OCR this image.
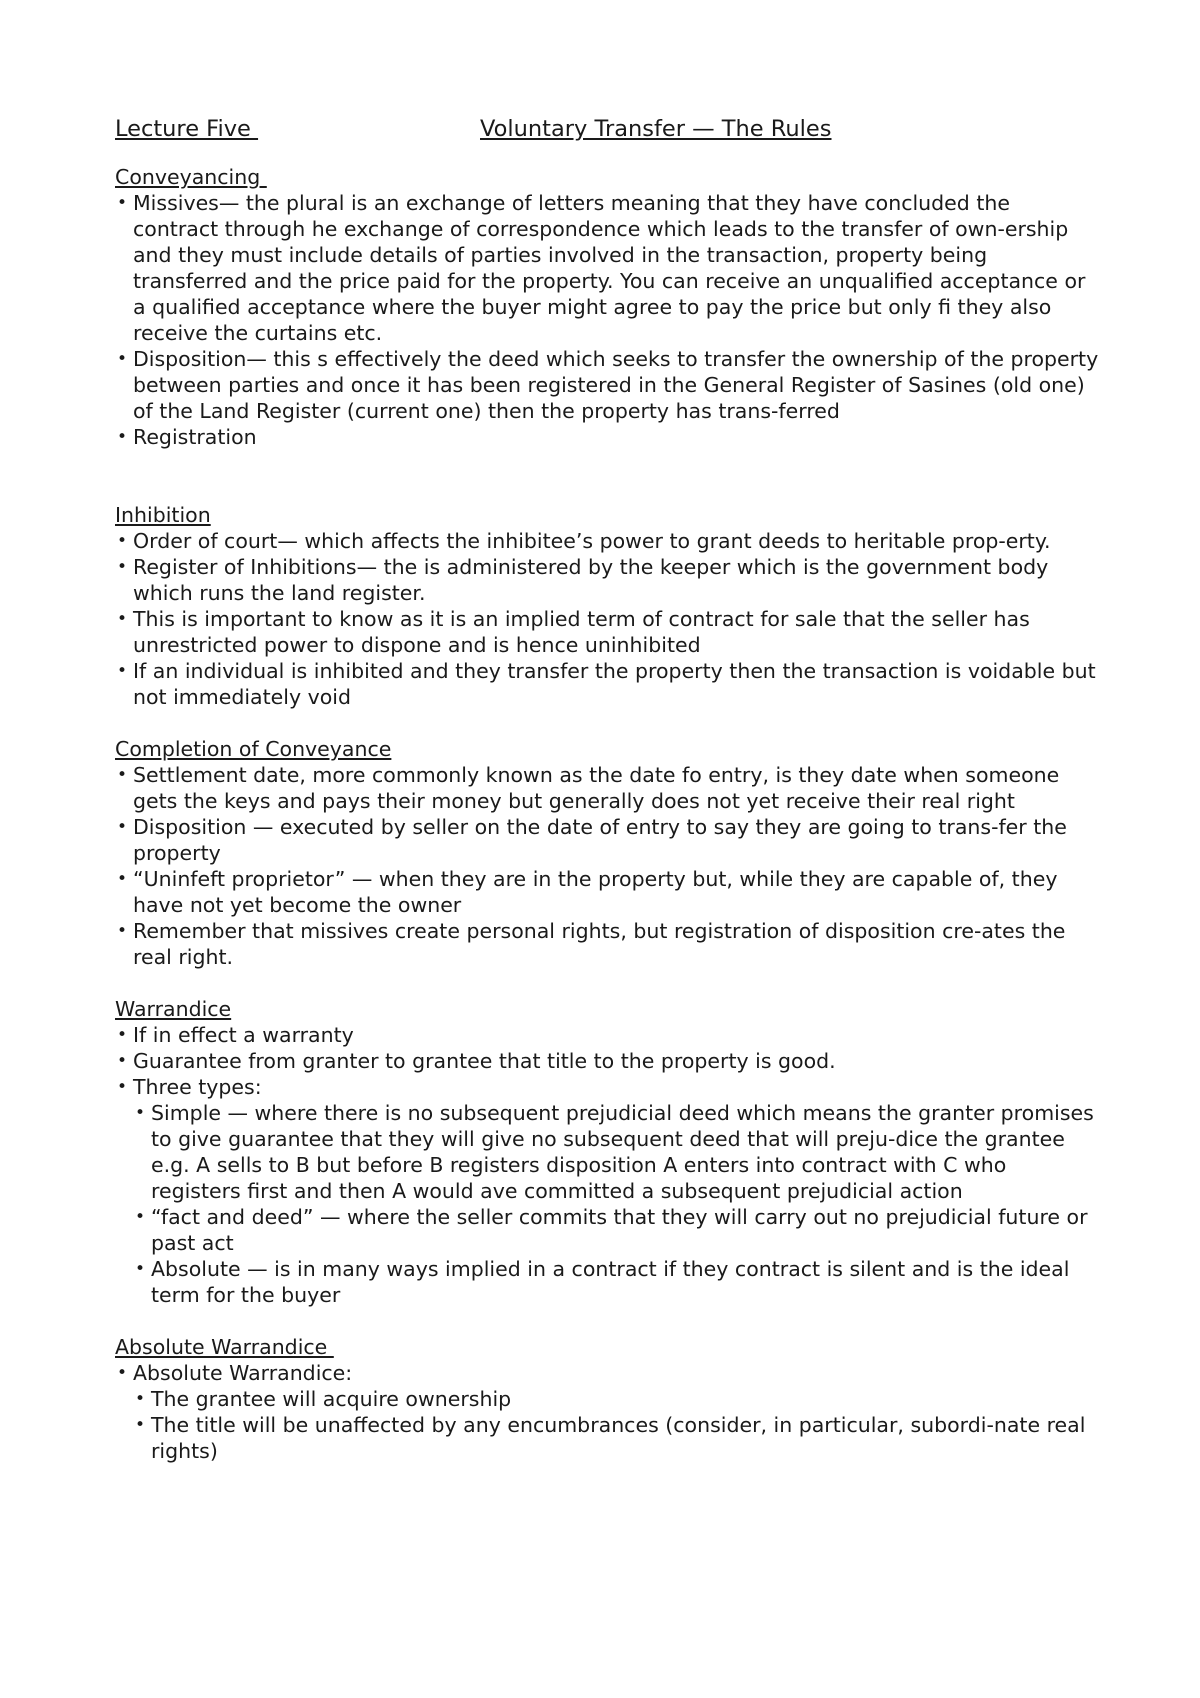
Lecture Five	Voluntary Transfer — The Rules
Conveyancing
• Missives— the plural is an exchange of letters meaning that they have concluded the contract through he exchange of correspondence which leads to the transfer of own-ership and they must include details of parties involved in the transaction, property being transferred and the price paid for the property. You can receive an unqualified acceptance or a qualified acceptance where the buyer might agree to pay the price but only fi they also receive the curtains etc.
• Disposition— this s effectively the deed which seeks to transfer the ownership of the property between parties and once it has been registered in the General Register of Sasines (old one) of the Land Register (current one) then the property has trans-ferred
• Registration
Inhibition
• Order of court— which affects the inhibitee’s power to grant deeds to heritable prop-erty.
• Register of Inhibitions— the is administered by the keeper which is the government body which runs the land register.
• This is important to know as it is an implied term of contract for sale that the seller has unrestricted power to dispone and is hence uninhibited
• If an individual is inhibited and they transfer the property then the transaction is voidable but not immediately void
Completion of Conveyance
• Settlement date, more commonly known as the date fo entry, is they date when someone gets the keys and pays their money but generally does not yet receive their real right
• Disposition — executed by seller on the date of entry to say they are going to trans-fer the property
• “Uninfeft proprietor” — when they are in the property but, while they are capable of, they have not yet become the owner
• Remember that missives create personal rights, but registration of disposition cre-ates the real right.
Warrandice
• If in effect a warranty
• Guarantee from granter to grantee that title to the property is good.
• Three types:
• Simple — where there is no subsequent prejudicial deed which means the granter promises to give guarantee that they will give no subsequent deed that will preju-dice the grantee e.g. A sells to B but before B registers disposition A enters into contract with C who registers first and then A would ave committed a subsequent prejudicial action
• “fact and deed” — where the seller commits that they will carry out no prejudicial future or past act
• Absolute — is in many ways implied in a contract if they contract is silent and is the ideal term for the buyer
Absolute Warrandice
• Absolute Warrandice:
• The grantee will acquire ownership
• The title will be unaffected by any encumbrances (consider, in particular, subordi-nate real rights)
